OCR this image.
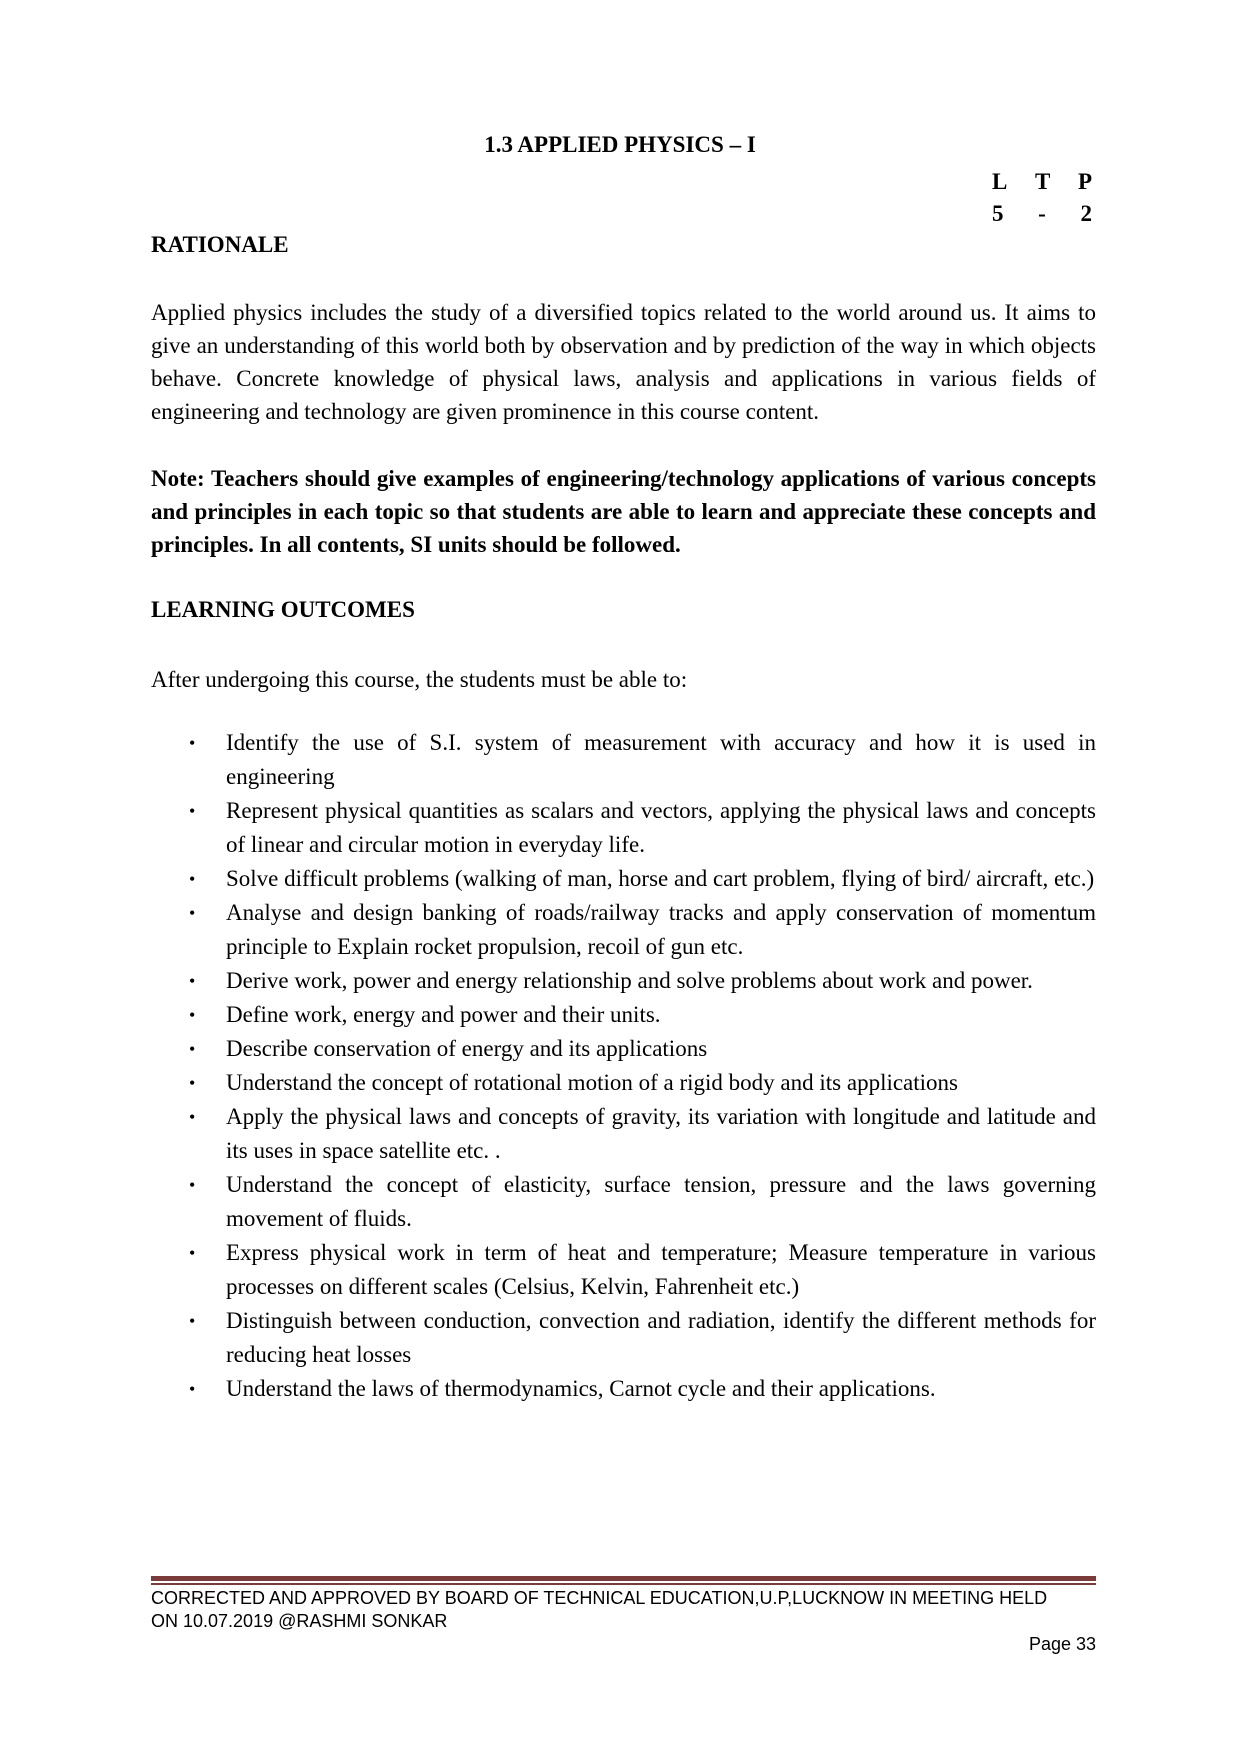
1.3 APPLIED PHYSICS – I
L T P
5 - 2
RATIONALE

Applied physics includes the study of a diversified topics related to the world around us. It aims to give an understanding of this world both by observation and by prediction of the way in which objects behave. Concrete knowledge of physical laws, analysis and applications in various fields of engineering and technology are given prominence in this course content.

Note: Teachers should give examples of engineering/technology applications of various concepts and principles in each topic so that students are able to learn and appreciate these concepts and principles. In all contents, SI units should be followed.

LEARNING OUTCOMES

After undergoing this course, the students must be able to:

• Identify the use of S.I. system of measurement with accuracy and how it is used in engineering
• Represent physical quantities as scalars and vectors, applying the physical laws and concepts of linear and circular motion in everyday life.
• Solve difficult problems (walking of man, horse and cart problem, flying of bird/ aircraft, etc.)
• Analyse and design banking of roads/railway tracks and apply conservation of momentum principle to Explain rocket propulsion, recoil of gun etc.
• Derive work, power and energy relationship and solve problems about work and power.
• Define work, energy and power and their units.
• Describe conservation of energy and its applications
• Understand the concept of rotational motion of a rigid body and its applications
• Apply the physical laws and concepts of gravity, its variation with longitude and latitude and its uses in space satellite etc. .
• Understand the concept of elasticity, surface tension, pressure and the laws governing movement of fluids.
• Express physical work in term of heat and temperature; Measure temperature in various processes on different scales (Celsius, Kelvin, Fahrenheit etc.)
• Distinguish between conduction, convection and radiation, identify the different methods for reducing heat losses
• Understand the laws of thermodynamics, Carnot cycle and their applications.
CORRECTED AND APPROVED BY BOARD OF TECHNICAL EDUCATION,U.P,LUCKNOW IN MEETING HELD
ON 10.07.2019 @RASHMI SONKAR
Page 33
